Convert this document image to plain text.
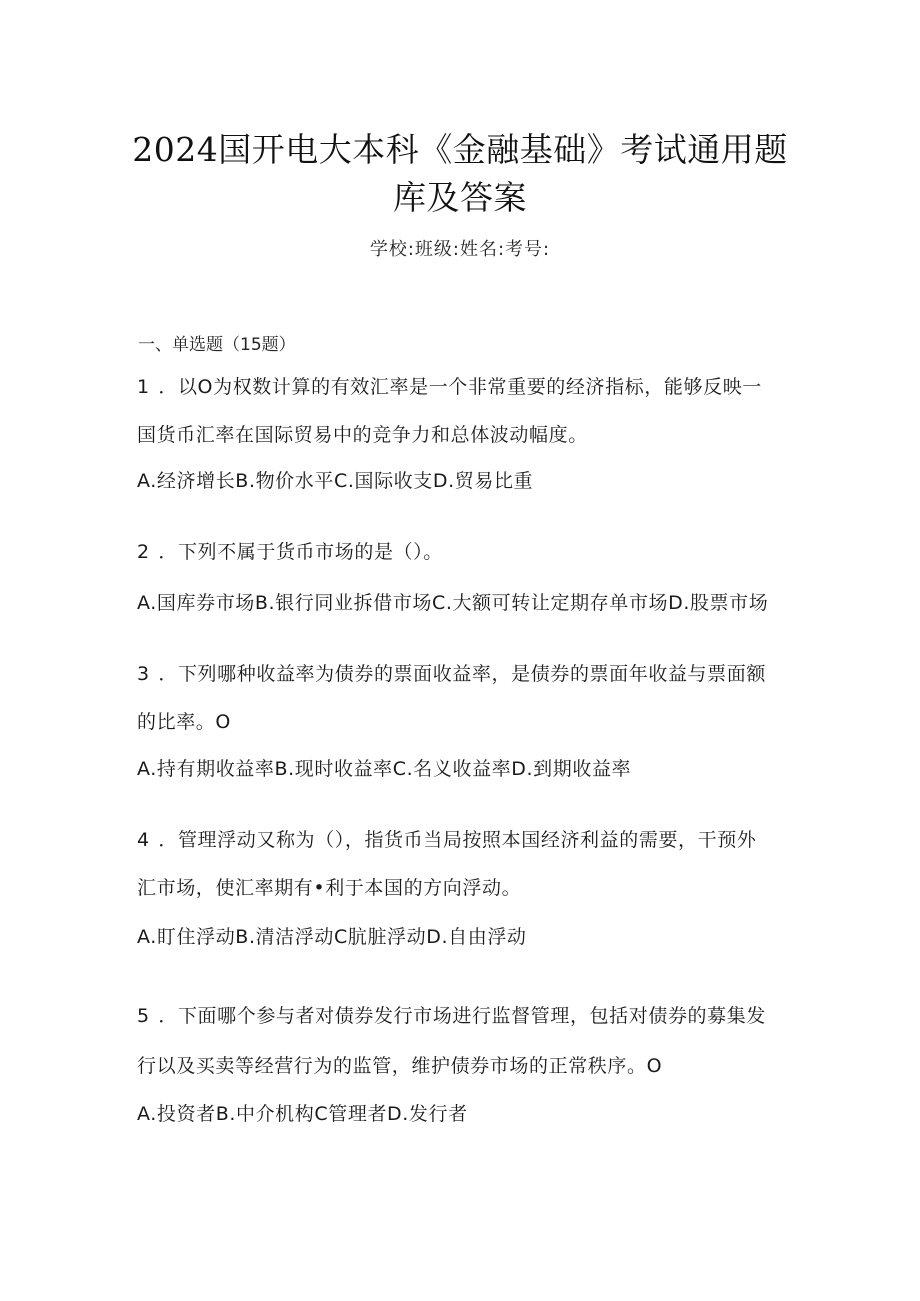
2024国开电大本科《金融基础》考试通用题
库及答案
学校:班级:姓名:考号:
一、单选题（15题）
1 ．以O为权数计算的有效汇率是一个非常重要的经济指标，能够反映一
国货币汇率在国际贸易中的竞争力和总体波动幅度。
A.经济增长B.物价水平C.国际收支D.贸易比重
2 ．下列不属于货币市场的是（）。
A.国库券市场B.银行同业拆借市场C.大额可转让定期存单市场D.股票市场
3 ．下列哪种收益率为债券的票面收益率，是债券的票面年收益与票面额
的比率。O
A.持有期收益率B.现时收益率C.名义收益率D.到期收益率
4 ．管理浮动又称为（），指货币当局按照本国经济利益的需要，干预外
汇市场，使汇率期有•利于本国的方向浮动。
A.盯住浮动B.清洁浮动C肮脏浮动D.自由浮动
5 ．下面哪个参与者对债券发行市场进行监督管理，包括对债券的募集发
行以及买卖等经营行为的监管，维护债券市场的正常秩序。O
A.投资者B.中介机构C管理者D.发行者
